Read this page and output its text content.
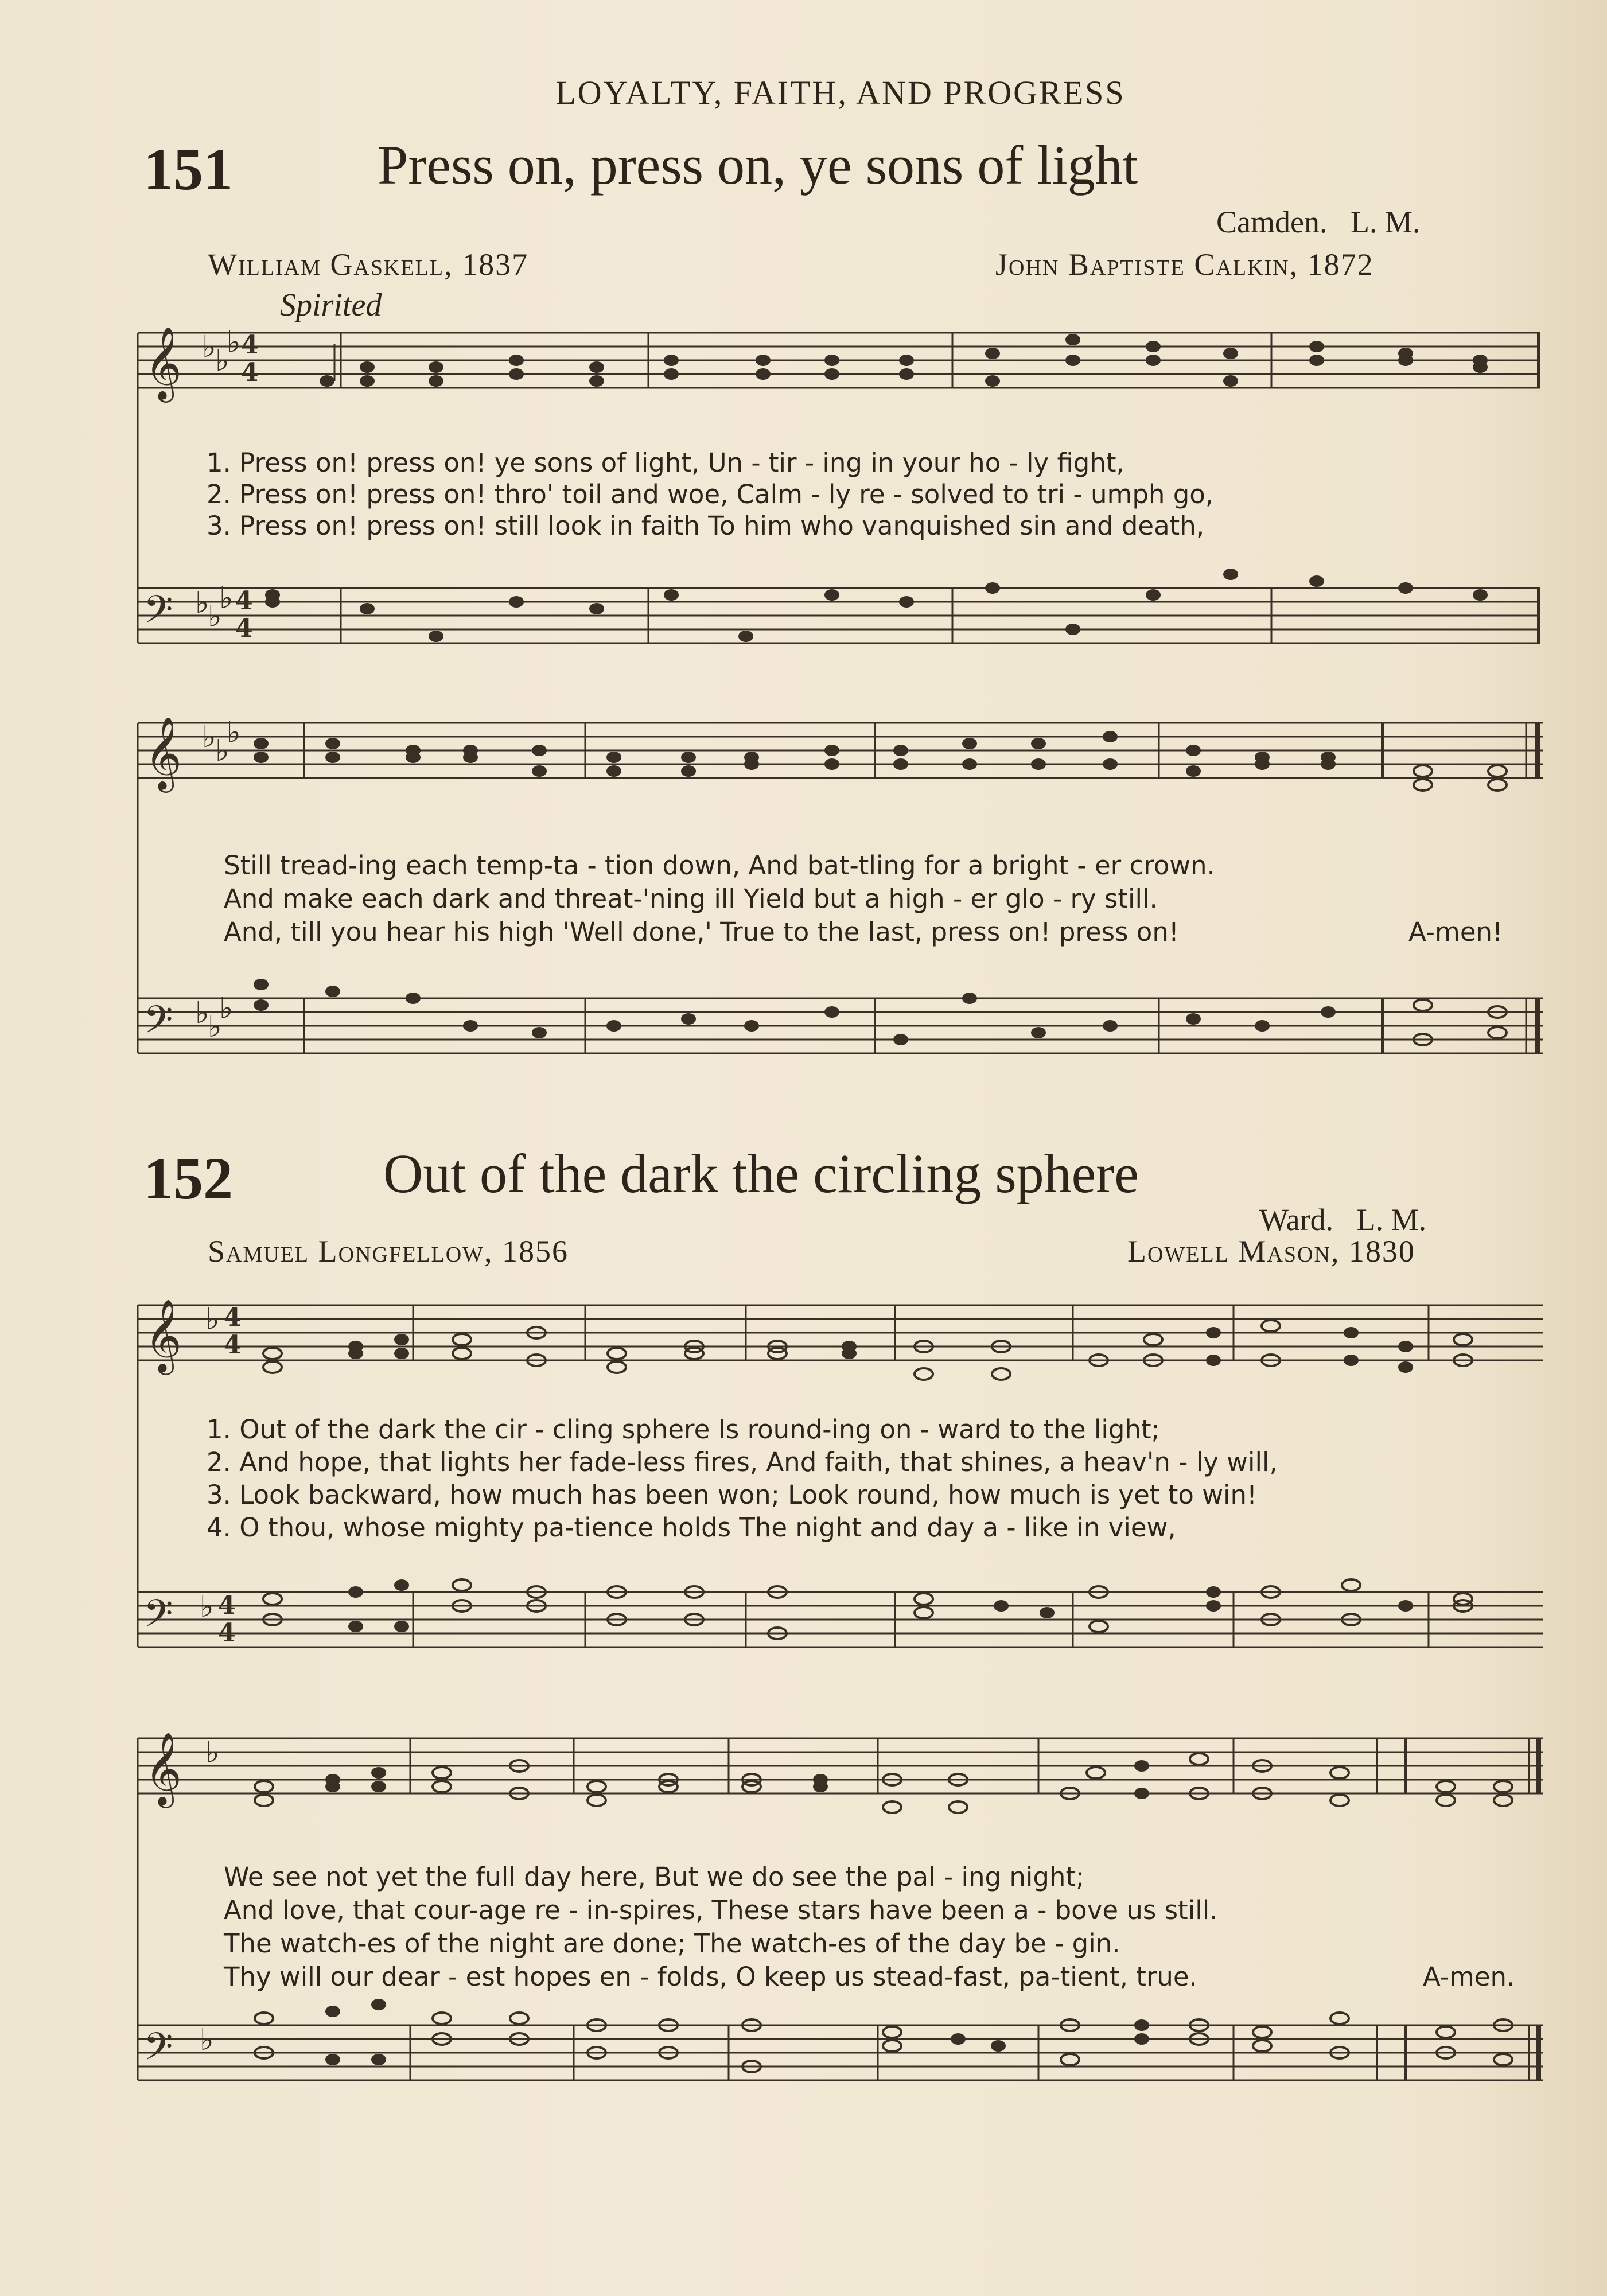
LOYALTY, FAITH, AND PROGRESS
151	Press on, press on, ye sons of light
Camden. L. M.
William Gaskell, 1837	John Baptiste Calkin, 1872
Spirited
𝄞 ♭
♭
♭ 4
4
𝄢 ♭
♭
♭ 4
4
1. Press on! press on! ye sons of light, Un - tir - ing in your ho - ly fight,
2. Press on! press on! thro' toil and woe, Calm - ly re - solved to tri - umph go,
3. Press on! press on! still look in faith To him who vanquished sin and death,
𝄞 ♭
♭
♭
𝄢 ♭
♭
♭
Still tread-ing each temp-ta - tion down, And bat-tling for a bright - er crown.
And make each dark and threat-'ning ill Yield but a high - er glo - ry still.
And, till you hear his high 'Well done,' True to the last, press on! press on!	A-men!
152	Out of the dark the circling sphere
Ward. L. M.
Samuel Longfellow, 1856	Lowell Mason, 1830
𝄞 ♭ 4
4
𝄢 ♭ 4
4
1. Out of the dark the cir - cling sphere Is round-ing on - ward to the light;
2. And hope, that lights her fade-less fires, And faith, that shines, a heav'n - ly will,
3. Look backward, how much has been won; Look round, how much is yet to win!
4. O thou, whose mighty pa-tience holds The night and day a - like in view,
𝄞 ♭
𝄢 ♭
We see not yet the full day here, But we do see the pal - ing night;
And love, that cour-age re - in-spires, These stars have been a - bove us still.
The watch-es of the night are done; The watch-es of the day be - gin.
Thy will our dear - est hopes en - folds, O keep us stead-fast, pa-tient, true.	A-men.
